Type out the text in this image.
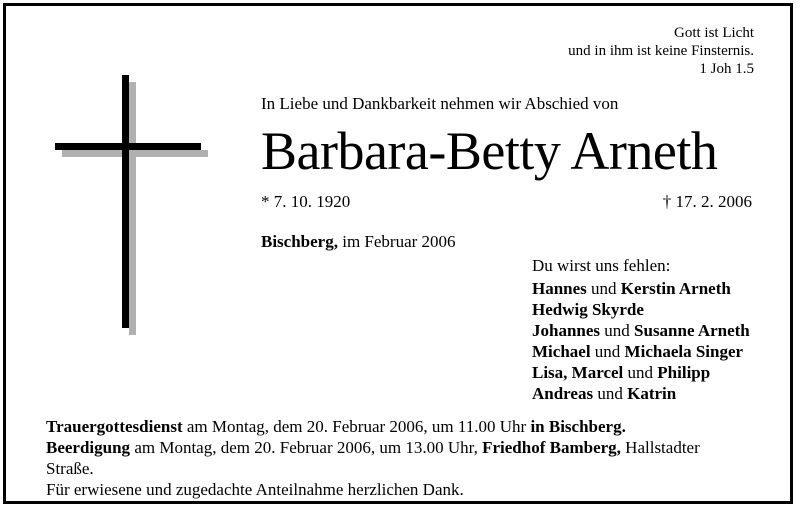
Gott ist Licht
und in ihm ist keine Finsternis.
1 Joh 1.5
In Liebe und Dankbarkeit nehmen wir Abschied von
Barbara-Betty Arneth
* 7. 10. 1920	† 17. 2. 2006
Bischberg, im Februar 2006
Du wirst uns fehlen:
Hannes und Kerstin Arneth
Hedwig Skyrde
Johannes und Susanne Arneth
Michael und Michaela Singer
Lisa, Marcel und Philipp
Andreas und Katrin
Trauergottesdienst am Montag, dem 20. Februar 2006, um 11.00 Uhr in Bischberg.
Beerdigung am Montag, dem 20. Februar 2006, um 13.00 Uhr, Friedhof Bamberg, Hallstadter
Straße.
Für erwiesene und zugedachte Anteilnahme herzlichen Dank.
